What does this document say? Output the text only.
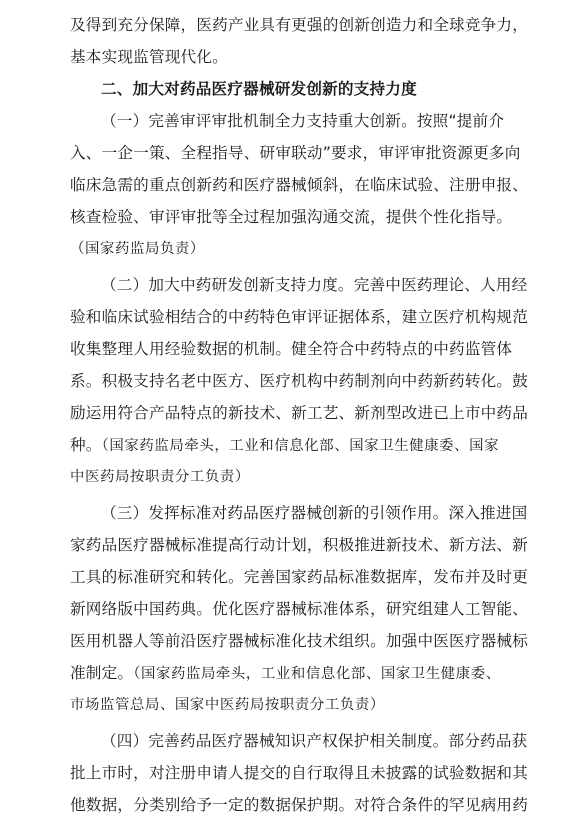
及得到充分保障，医药产业具有更强的创新创造力和全球竞争力，
基本实现监管现代化。
二、加大对药品医疗器械研发创新的支持力度
（一）完善审评审批机制全力支持重大创新。按照“提前介
入、一企一策、全程指导、研审联动”要求，审评审批资源更多向
临床急需的重点创新药和医疗器械倾斜，在临床试验、注册申报、
核查检验、审评审批等全过程加强沟通交流，提供个性化指导。
（国家药监局负责）
（二）加大中药研发创新支持力度。完善中医药理论、人用经
验和临床试验相结合的中药特色审评证据体系，建立医疗机构规范
收集整理人用经验数据的机制。健全符合中药特点的中药监管体
系。积极支持名老中医方、医疗机构中药制剂向中药新药转化。鼓
励运用符合产品特点的新技术、新工艺、新剂型改进已上市中药品
种。（国家药监局牵头，工业和信息化部、国家卫生健康委、国家
中医药局按职责分工负责）
（三）发挥标准对药品医疗器械创新的引领作用。深入推进国
家药品医疗器械标准提高行动计划，积极推进新技术、新方法、新
工具的标准研究和转化。完善国家药品标准数据库，发布并及时更
新网络版中国药典。优化医疗器械标准体系，研究组建人工智能、
医用机器人等前沿医疗器械标准化技术组织。加强中医医疗器械标
准制定。（国家药监局牵头，工业和信息化部、国家卫生健康委、
市场监管总局、国家中医药局按职责分工负责）
（四）完善药品医疗器械知识产权保护相关制度。部分药品获
批上市时，对注册申请人提交的自行取得且未披露的试验数据和其
他数据，分类别给予一定的数据保护期。对符合条件的罕见病用药
